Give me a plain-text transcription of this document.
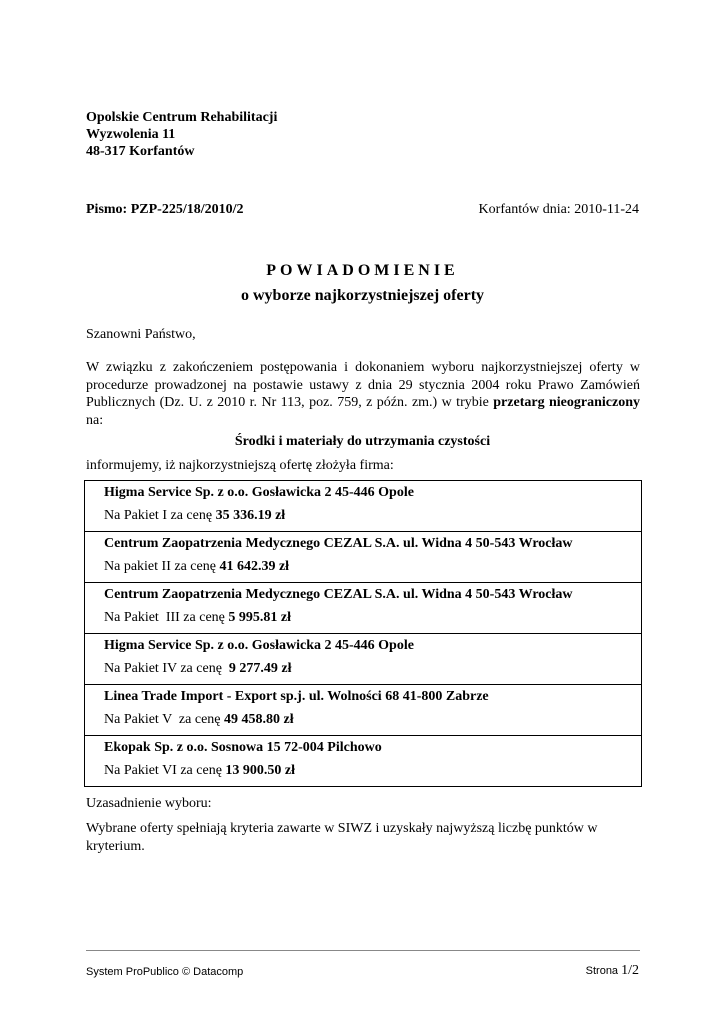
Opolskie Centrum Rehabilitacji
Wyzwolenia 11
48-317 Korfantów
Pismo: PZP-225/18/2010/2	Korfantów dnia: 2010-11-24
POWIADOMIENIE
o wyborze najkorzystniejszej oferty
Szanowni Państwo,
W związku z zakończeniem postępowania i dokonaniem wyboru najkorzystniejszej oferty w procedurze prowadzonej na postawie ustawy z dnia 29 stycznia 2004 roku Prawo Zamówień Publicznych (Dz. U. z 2010 r. Nr 113, poz. 759, z późn. zm.) w trybie przetarg nieograniczony na:
Środki i materiały do utrzymania czystości
informujemy, iż najkorzystniejszą ofertę złożyła firma:
Higma Service Sp. z o.o. Gosławicka 2 45-446 Opole
Na Pakiet I za cenę 35 336.19 zł
Centrum Zaopatrzenia Medycznego CEZAL S.A. ul. Widna 4 50-543 Wrocław
Na pakiet II za cenę 41 642.39 zł
Centrum Zaopatrzenia Medycznego CEZAL S.A. ul. Widna 4 50-543 Wrocław
Na Pakiet  III za cenę 5 995.81 zł
Higma Service Sp. z o.o. Gosławicka 2 45-446 Opole
Na Pakiet IV za cenę  9 277.49 zł
Linea Trade Import - Export sp.j. ul. Wolności 68 41-800 Zabrze
Na Pakiet V  za cenę 49 458.80 zł
Ekopak Sp. z o.o. Sosnowa 15 72-004 Pilchowo
Na Pakiet VI za cenę 13 900.50 zł
Uzasadnienie wyboru:
Wybrane oferty spełniają kryteria zawarte w SIWZ i uzyskały najwyższą liczbę punktów w kryterium.
System ProPublico © Datacomp	Strona 1/2
